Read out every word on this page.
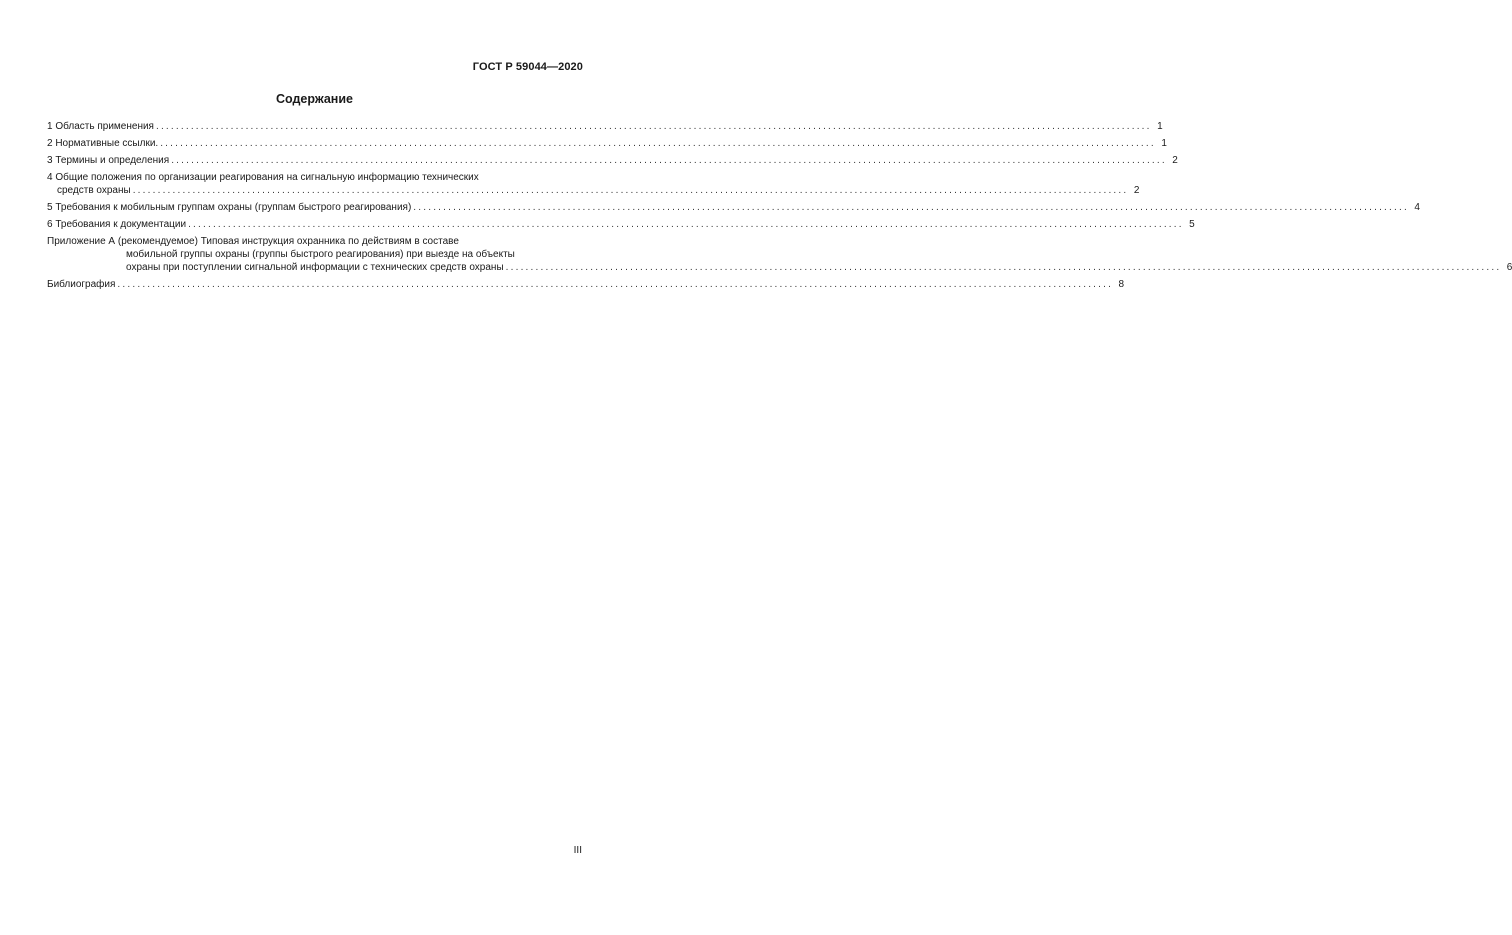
ГОСТ Р 59044—2020
Содержание
1 Область применения ........................................................................................................................................................................................................ 1
2 Нормативные ссылки. ........................................................................................................................................................................................................ 1
3 Термины и определения ........................................................................................................................................................................................................ 2
4 Общие положения по организации реагирования на сигнальную информацию технических
средств охраны ........................................................................................................................................................................................................ 2
5 Требования к мобильным группам охраны (группам быстрого реагирования) ........................................................................................................................................................................................................ 4
6 Требования к документации ........................................................................................................................................................................................................ 5
Приложение А (рекомендуемое) Типовая инструкция охранника по действиям в составе
мобильной группы охраны (группы быстрого реагирования) при выезде на объекты
охраны при поступлении сигнальной информации с технических средств охраны ........................................................................................................................................................................................................ 6
Библиография ........................................................................................................................................................................................................ 8
III
